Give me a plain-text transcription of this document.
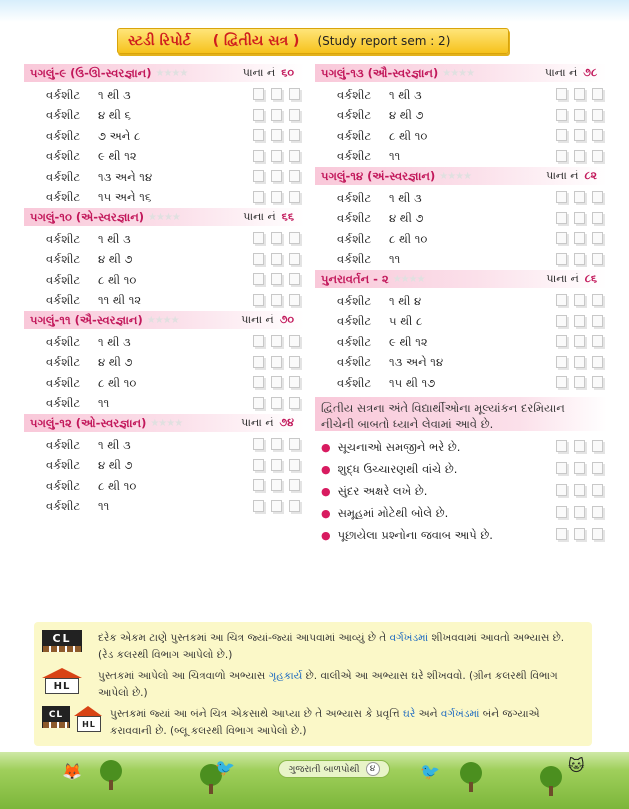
સ્ટડી રિપોર્ટ ( દ્વિતીય સત્ર ) (Study report sem : 2)
પગલું-૯ (ઉ-ઊ-સ્વરજ્ઞાન) ★★★★	પાના નં ૬૦
વર્કશીટ	૧ થી ૩
વર્કશીટ	૪ થી ૬
વર્કશીટ	૭ અને ૮
વર્કશીટ	૯ થી ૧૨
વર્કશીટ	૧૩ અને ૧૪
વર્કશીટ	૧૫ અને ૧૬
પગલું-૧૦ (એ-સ્વરજ્ઞાન) ★★★★	પાના નં ૬૬
વર્કશીટ	૧ થી ૩
વર્કશીટ	૪ થી ૭
વર્કશીટ	૮ થી ૧૦
વર્કશીટ	૧૧ થી ૧૨
પગલું-૧૧ (ઐ-સ્વરજ્ઞાન) ★★★★	પાના નં ૭૦
વર્કશીટ	૧ થી ૩
વર્કશીટ	૪ થી ૭
વર્કશીટ	૮ થી ૧૦
વર્કશીટ	૧૧
પગલું-૧૨ (ઓ-સ્વરજ્ઞાન) ★★★★	પાના નં ૭૪
વર્કશીટ	૧ થી ૩
વર્કશીટ	૪ થી ૭
વર્કશીટ	૮ થી ૧૦
વર્કશીટ	૧૧
પગલું-૧૩ (ઔ-સ્વરજ્ઞાન) ★★★★	પાના નં ૭૮
વર્કશીટ	૧ થી ૩
વર્કશીટ	૪ થી ૭
વર્કશીટ	૮ થી ૧૦
વર્કશીટ	૧૧
પગલું-૧૪ (અં-સ્વરજ્ઞાન) ★★★★	પાના નં ૮૨
વર્કશીટ	૧ થી ૩
વર્કશીટ	૪ થી ૭
વર્કશીટ	૮ થી ૧૦
વર્કશીટ	૧૧
પુનરાવર્તન - ૨ ★★★★	પાના નં ૮૬
વર્કશીટ	૧ થી ૪
વર્કશીટ	૫ થી ૮
વર્કશીટ	૯ થી ૧૨
વર્કશીટ	૧૩ અને ૧૪
વર્કશીટ	૧૫ થી ૧૭
દ્વિતીય સત્રના અંતે વિદ્યાર્થીઓના મૂલ્યાંકન દરમિયાન નીચેની બાબતો ધ્યાને લેવામાં આવે છે.
● સૂચનાઓ સમજીને ભરે છે.
● શુદ્ધ ઉચ્ચારણથી વાંચે છે.
● સુંદર અક્ષરે લખે છે.
● સમૂહમાં મોટેથી બોલે છે.
● પૂછાયેલા પ્રશ્નોના જવાબ આપે છે.
CL	દરેક એકમ ટાણે પુસ્તકમાં આ ચિત્ર જ્યાં-જ્યાં આપવામાં આવ્યું છે તે વર્ગખંડમાં શીખવવામાં આવતો અભ્યાસ છે. (રેડ કલરથી વિભાગ આપેલો છે.)
HL
પુસ્તકમાં આપેલો આ ચિત્રવાળો અભ્યાસ ગૃહકાર્ય છે. વાલીએ આ અભ્યાસ ઘરે શીખવવો. (ગ્રીન કલરથી વિભાગ આપેલો છે.)
CL
HL
પુસ્તકમાં જ્યાં આ બંને ચિત્ર એકસાથે આપ્યા છે તે અભ્યાસ કે પ્રવૃત્તિ ઘરે અને વર્ગખંડમાં બંને જગ્યાએ કરાવવાની છે. (બ્લૂ કલરથી વિભાગ આપેલો છે.)
🦊	🐦	🐦	🐱
ગુજરાતી બાળપોથી	૪
